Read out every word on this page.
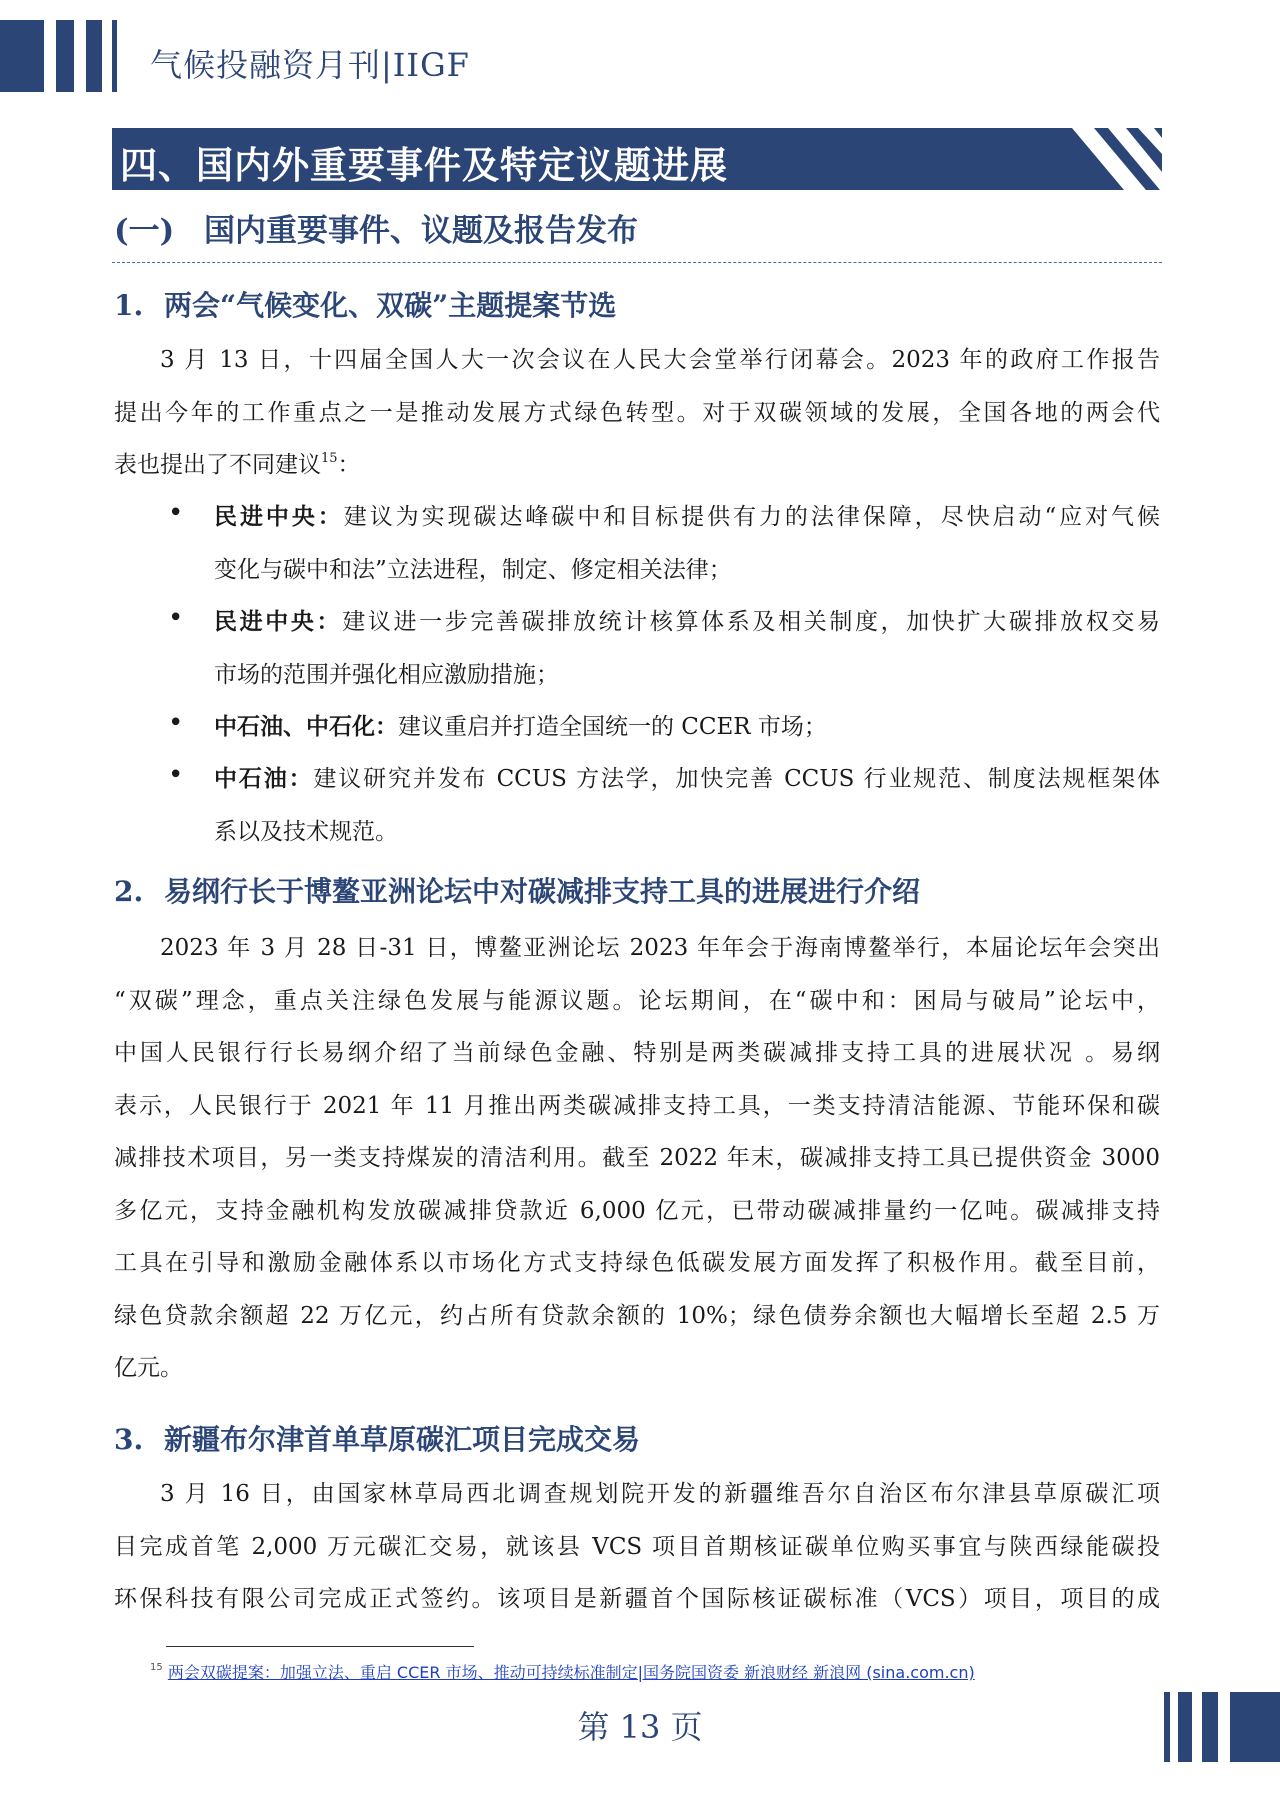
气候投融资月刊|IIGF
四、国内外重要事件及特定议题进展
(一) 国内重要事件、议题及报告发布
1. 两会“气候变化、双碳”主题提案节选
3 月 13 日，十四届全国人大一次会议在人民大会堂举行闭幕会。2023 年的政府工作报告
提出今年的工作重点之一是推动发展方式绿色转型。对于双碳领域的发展，全国各地的两会代
表也提出了不同建议$^{15}$：
• 民进中央：建议为实现碳达峰碳中和目标提供有力的法律保障，尽快启动“应对气候
变化与碳中和法”立法进程，制定、修定相关法律；
• 民进中央：建议进一步完善碳排放统计核算体系及相关制度，加快扩大碳排放权交易
市场的范围并强化相应激励措施；
• 中石油、中石化：建议重启并打造全国统一的 CCER 市场；
• 中石油：建议研究并发布 CCUS 方法学，加快完善 CCUS 行业规范、制度法规框架体
系以及技术规范。
2. 易纲行长于博鳌亚洲论坛中对碳减排支持工具的进展进行介绍
2023 年 3 月 28 日-31 日，博鳌亚洲论坛 2023 年年会于海南博鳌举行，本届论坛年会突出
“双碳”理念，重点关注绿色发展与能源议题。论坛期间，在“碳中和：困局与破局”论坛中，
中国人民银行行长易纲介绍了当前绿色金融、特别是两类碳减排支持工具的进展状况 。易纲
表示，人民银行于 2021 年 11 月推出两类碳减排支持工具，一类支持清洁能源、节能环保和碳
减排技术项目，另一类支持煤炭的清洁利用。截至 2022 年末，碳减排支持工具已提供资金 3000
多亿元，支持金融机构发放碳减排贷款近 6,000 亿元，已带动碳减排量约一亿吨。碳减排支持
工具在引导和激励金融体系以市场化方式支持绿色低碳发展方面发挥了积极作用。截至目前，
绿色贷款余额超 22 万亿元，约占所有贷款余额的 10%；绿色债券余额也大幅增长至超 2.5 万
亿元。
3. 新疆布尔津首单草原碳汇项目完成交易
3 月 16 日，由国家林草局西北调查规划院开发的新疆维吾尔自治区布尔津县草原碳汇项
目完成首笔 2,000 万元碳汇交易，就该县 VCS 项目首期核证碳单位购买事宜与陕西绿能碳投
环保科技有限公司完成正式签约。该项目是新疆首个国际核证碳标准（VCS）项目，项目的成
$^{15}$ 两会双碳提案：加强立法、重启 CCER 市场、推动可持续标准制定|国务院国资委 新浪财经 新浪网 (sina.com.cn)
第 13 页
